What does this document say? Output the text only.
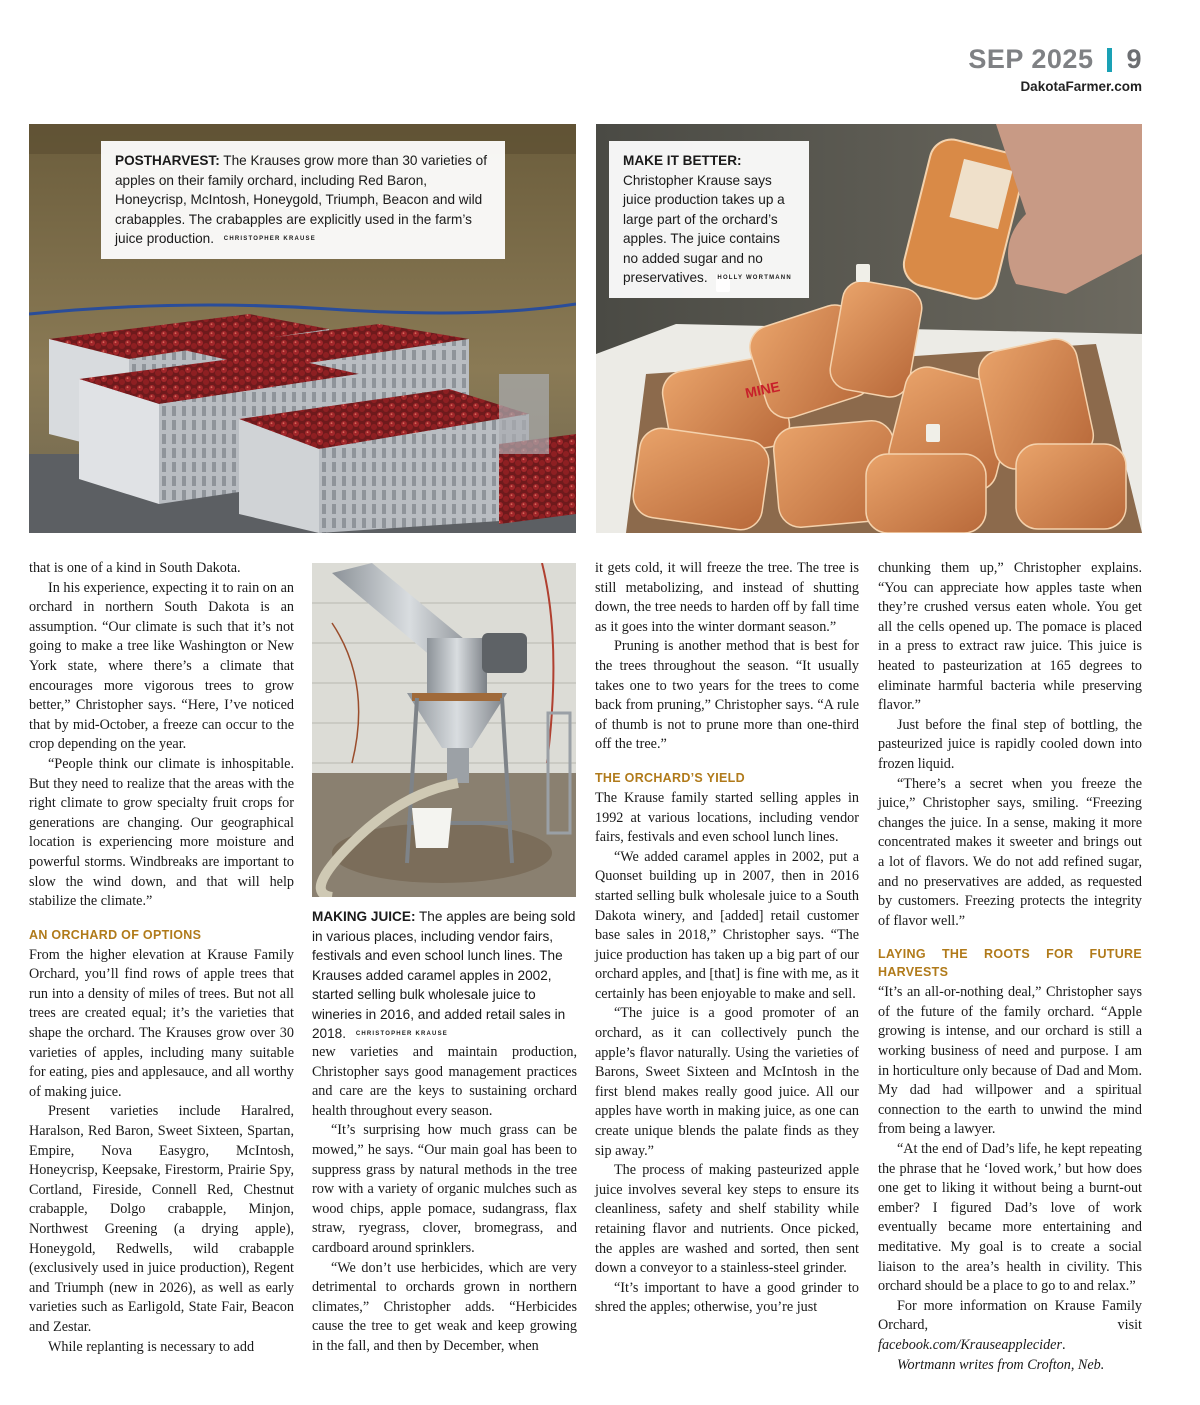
SEP 2025 9
DakotaFarmer.com
POSTHARVEST: The Krauses grow more than 30 varieties of apples on their family orchard, including Red Baron, Honeycrisp, McIntosh, Honeygold, Triumph, Beacon and wild crabapples. The crabapples are explicitly used in the farm’s juice production. CHRISTOPHER KRAUSE
MINE
MAKE IT BETTER: Christopher Krause says juice production takes up a large part of the orchard’s apples. The juice contains no added sugar and no preservatives. HOLLY WORTMANN
MAKING JUICE: The apples are being sold in various places, including vendor fairs, festivals and even school lunch lines. The Krauses added caramel apples in 2002, started selling bulk wholesale juice to wineries in 2016, and added retail sales in 2018. CHRISTOPHER KRAUSE

that is one of a kind in South Dakota.

In his experience, expecting it to rain on an orchard in northern South Dakota is an assumption. “Our climate is such that it’s not going to make a tree like Washington or New York state, where there’s a climate that encourages more vigorous trees to grow better,” Christopher says. “Here, I’ve noticed that by mid-October, a freeze can occur to the crop depending on the year.

“People think our climate is inhospitable. But they need to realize that the areas with the right climate to grow specialty fruit crops for generations are changing. Our geographical location is experiencing more moisture and powerful storms. Windbreaks are important to slow the wind down, and that will help stabilize the climate.”

AN ORCHARD OF OPTIONS

From the higher elevation at Krause Family Orchard, you’ll find rows of apple trees that run into a density of miles of trees. But not all trees are created equal; it’s the varieties that shape the orchard. The Krauses grow over 30 varieties of apples, including many suitable for eating, pies and applesauce, and all worthy of making juice.

Present varieties include Haralred, Haralson, Red Baron, Sweet Sixteen, Spartan, Empire, Nova Easygro, McIntosh, Honeycrisp, Keepsake, Firestorm, Prairie Spy, Cortland, Fireside, Connell Red, Chestnut crabapple, Dolgo crabapple, Minjon, Northwest Greening (a drying apple), Honeygold, Redwells, wild crabapple (exclusively used in juice production), Regent and Triumph (new in 2026), as well as early varieties such as Earligold, State Fair, Beacon and Zestar.

While replanting is necessary to add

new varieties and maintain production, Christopher says good management practices and care are the keys to sustaining orchard health throughout every season.

“It’s surprising how much grass can be mowed,” he says. “Our main goal has been to suppress grass by natural methods in the tree row with a variety of organic mulches such as wood chips, apple pomace, sudangrass, flax straw, ryegrass, clover, bromegrass, and cardboard around sprinklers.

“We don’t use herbicides, which are very detrimental to orchards grown in northern climates,” Christopher adds. “Herbicides cause the tree to get weak and keep growing in the fall, and then by December, when

it gets cold, it will freeze the tree. The tree is still metabolizing, and instead of shutting down, the tree needs to harden off by fall time as it goes into the winter dormant season.”

Pruning is another method that is best for the trees throughout the season. “It usually takes one to two years for the trees to come back from pruning,” Christopher says. “A rule of thumb is not to prune more than one-third off the tree.”

THE ORCHARD’S YIELD

The Krause family started selling apples in 1992 at various locations, including vendor fairs, festivals and even school lunch lines.

“We added caramel apples in 2002, put a Quonset building up in 2007, then in 2016 started selling bulk wholesale juice to a South Dakota winery, and [added] retail customer base sales in 2018,” Christopher says. “The juice production has taken up a big part of our orchard apples, and [that] is fine with me, as it certainly has been enjoyable to make and sell.

“The juice is a good promoter of an orchard, as it can collectively punch the apple’s flavor naturally. Using the varieties of Barons, Sweet Sixteen and McIntosh in the first blend makes really good juice. All our apples have worth in making juice, as one can create unique blends the palate finds as they sip away.”

The process of making pasteurized apple juice involves several key steps to ensure its cleanliness, safety and shelf stability while retaining flavor and nutrients. Once picked, the apples are washed and sorted, then sent down a conveyor to a stainless-steel grinder.

“It’s important to have a good grinder to shred the apples; otherwise, you’re just

chunking them up,” Christopher explains. “You can appreciate how apples taste when they’re crushed versus eaten whole. You get all the cells opened up. The pomace is placed in a press to extract raw juice. This juice is heated to pasteurization at 165 degrees to eliminate harmful bacteria while preserving flavor.”

Just before the final step of bottling, the pasteurized juice is rapidly cooled down into frozen liquid.

“There’s a secret when you freeze the juice,” Christopher says, smiling. “Freezing changes the juice. In a sense, making it more concentrated makes it sweeter and brings out a lot of flavors. We do not add refined sugar, and no preservatives are added, as requested by customers. Freezing protects the integrity of flavor well.”

LAYING THE ROOTS FOR FUTURE HARVESTS

“It’s an all-or-nothing deal,” Christopher says of the future of the family orchard. “Apple growing is intense, and our orchard is still a working business of need and purpose. I am in horticulture only because of Dad and Mom. My dad had willpower and a spiritual connection to the earth to unwind the mind from being a lawyer.

“At the end of Dad’s life, he kept repeating the phrase that he ‘loved work,’ but how does one get to liking it without being a burnt-out ember? I figured Dad’s love of work eventually became more entertaining and meditative. My goal is to create a social liaison to the area’s health in civility. This orchard should be a place to go to and relax.”

For more information on Krause Family Orchard, visit facebook.com/Krauseapplecider.

Wortmann writes from Crofton, Neb.
